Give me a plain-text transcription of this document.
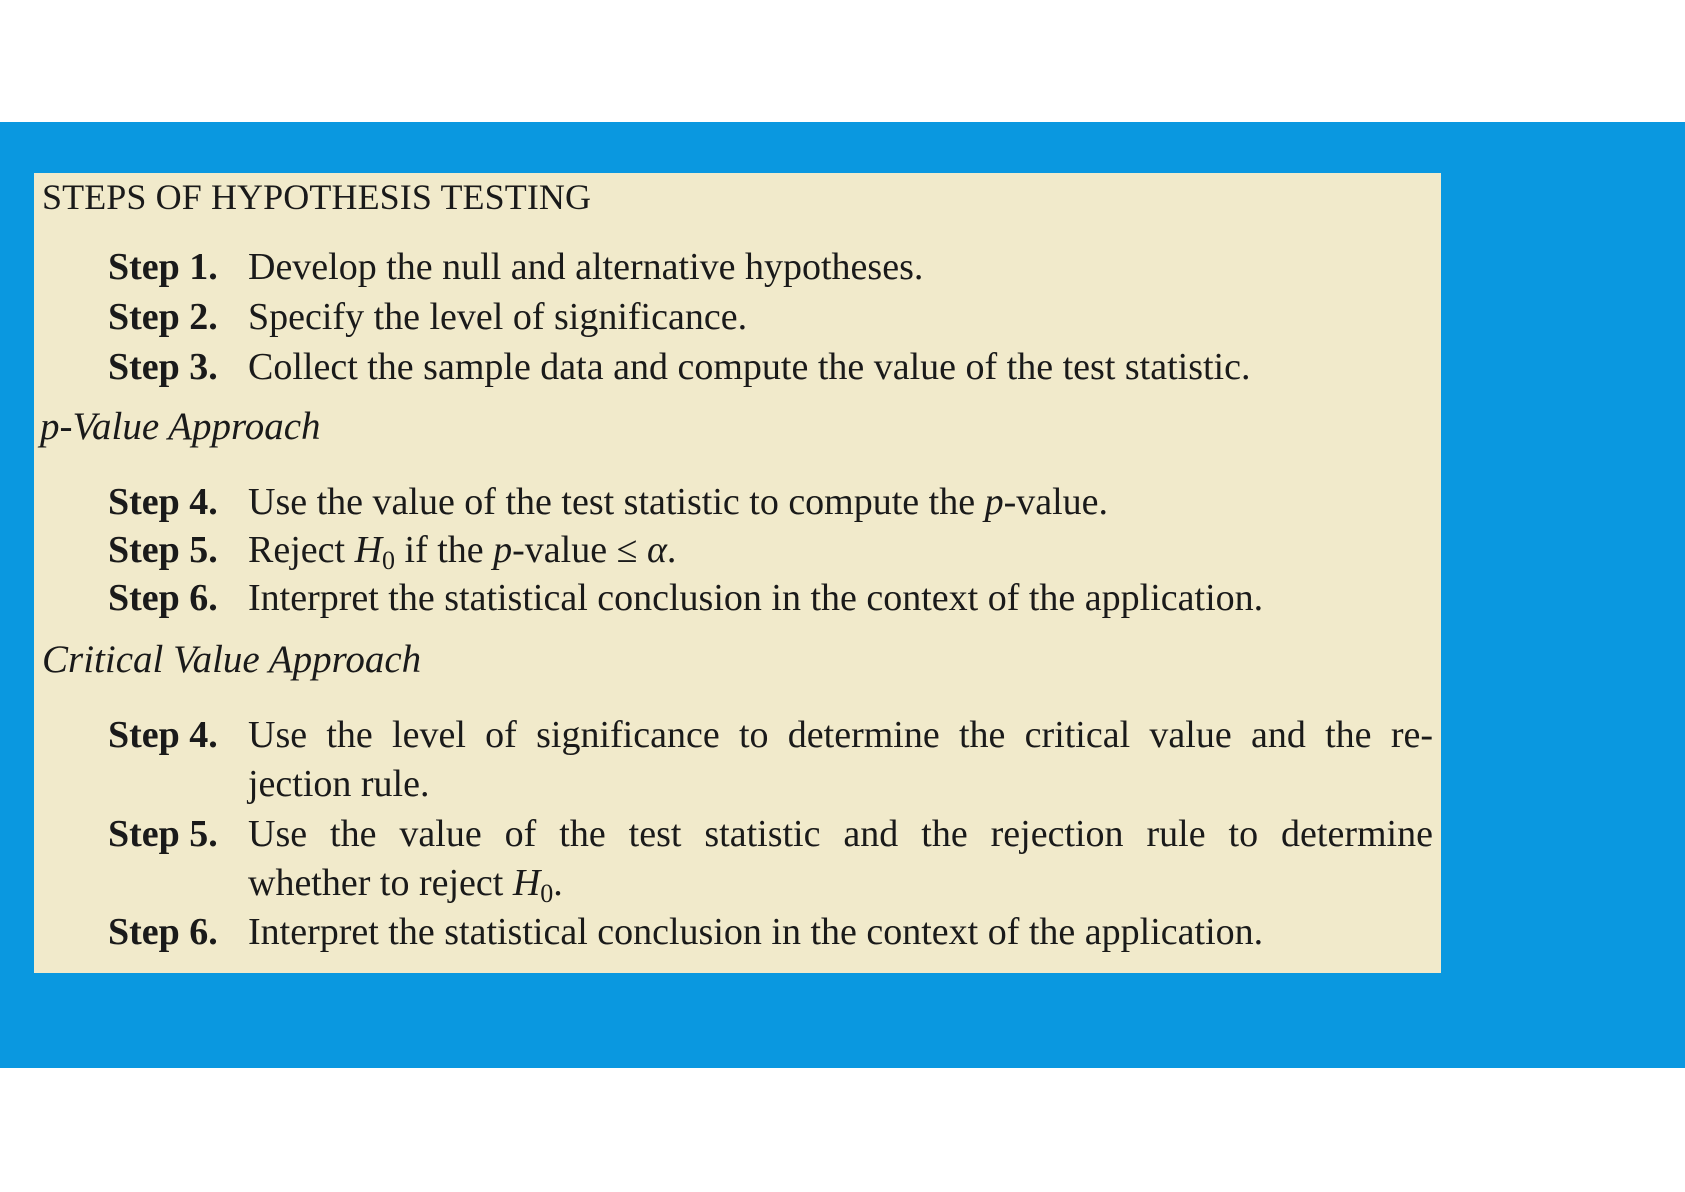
STEPS OF HYPOTHESIS TESTING
Step 1. Develop the null and alternative hypotheses.
Step 2. Specify the level of significance.
Step 3. Collect the sample data and compute the value of the test statistic.
p-Value Approach
Step 4. Use the value of the test statistic to compute the p-value.
Step 5. Reject $H_0$ if the p-value ≤ α.
Step 6. Interpret the statistical conclusion in the context of the application.
Critical Value Approach
Step 4. Use the level of significance to determine the critical value and the re-
jection rule.
Step 5. Use the value of the test statistic and the rejection rule to determine
whether to reject $H_0$.
Step 6. Interpret the statistical conclusion in the context of the application.
